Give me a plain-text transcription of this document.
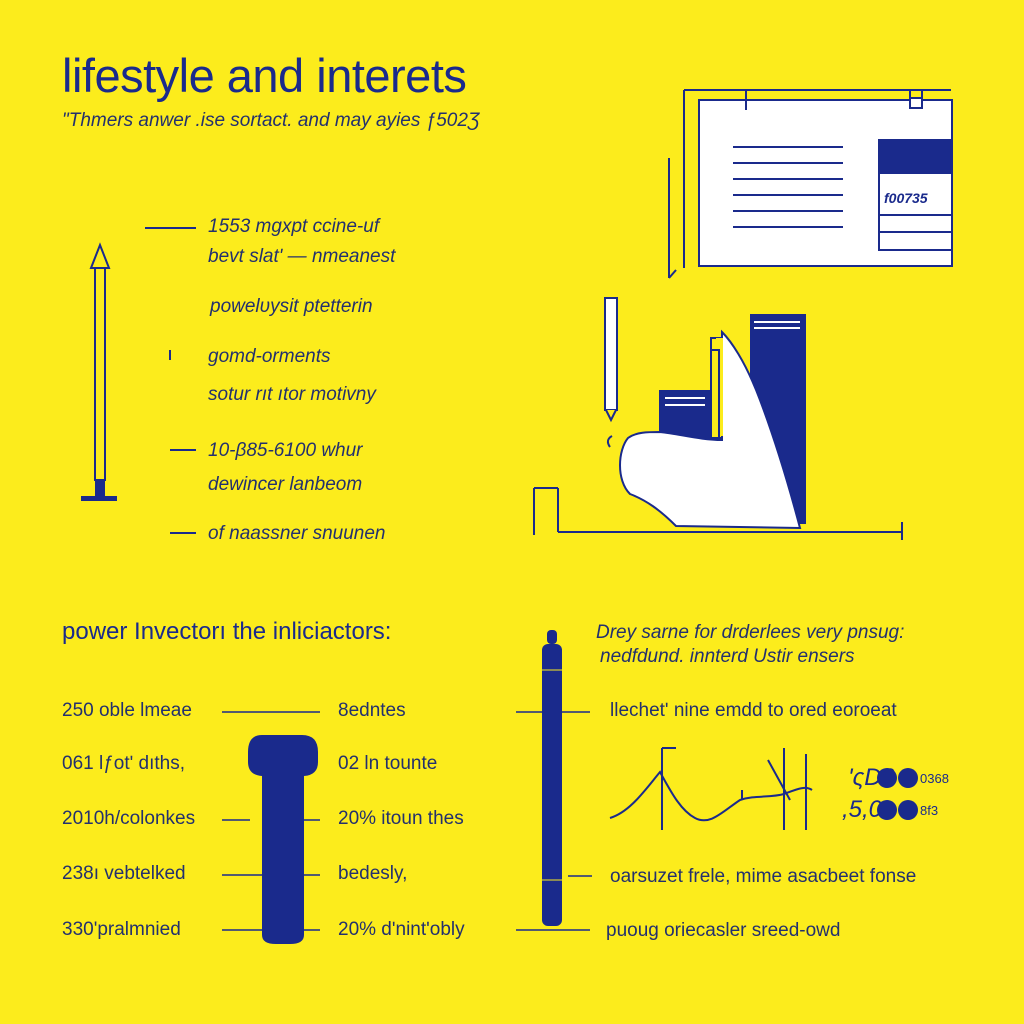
f00735
lifestyle and interets
"Thmers anwer .ise sortact. and may ayies ƒ502Ʒ
1553 mgxpt ccine-uf
bevt slatʹ — nmeanest
powelʋysit ptetterin
gomd-orments
sotur rıt ıtor motivny
10-β85-6100 whur
dewincer lanbeom
of naassner snuunen
power Invectorı the inliciactors:
250 oble lmeae
061 lƒotʹ dıths,
2010h/colonkes
238ı vebtelked
330'pralmnied
8edntes
02 ln tounte
20% itoun thes
bedesly,
20% dʹnintʹobly
Drey sarne for drderlees very pnsug:
nedfdund. innterd Ustir ensers
llechetʹ nine emdd to ored eoroeat
oarsuzet frele, mime asacbeet fonse
puoug oriecasler sreed-owd
'ςD0 0368
,5,0	8f3
